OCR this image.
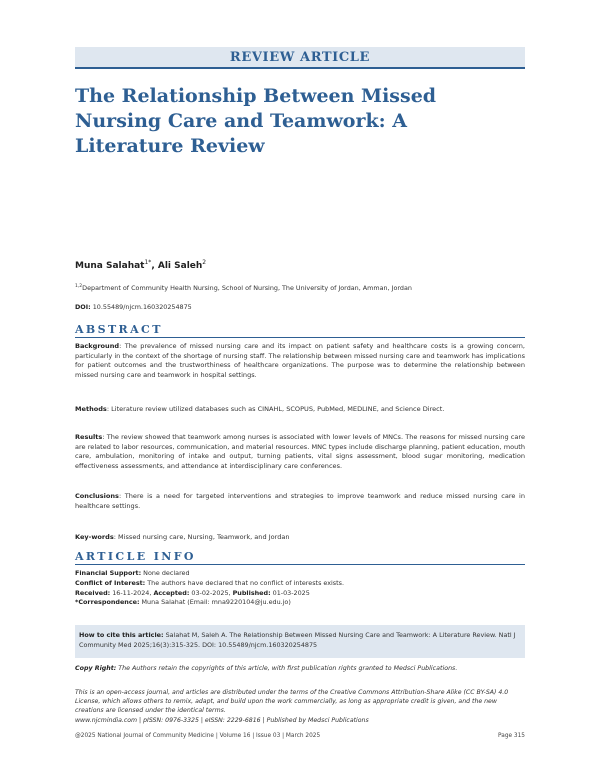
REVIEW ARTICLE
The Relationship Between Missed Nursing Care and Teamwork: A Literature Review
Muna Salahat$^{1*}$, Ali Saleh$^2$
$^{1,2}$Department of Community Health Nursing, School of Nursing, The University of Jordan, Amman, Jordan
DOI: 10.55489/njcm.160320254875
ABSTRACT

Background: The prevalence of missed nursing care and its impact on patient safety and healthcare costs is a growing concern, particularly in the context of the shortage of nursing staff. The relationship between missed nursing care and teamwork has implications for patient outcomes and the trustworthiness of healthcare organizations. The purpose was to determine the relationship between missed nursing care and teamwork in hospital settings.

Methods: Literature review utilized databases such as CINAHL, SCOPUS, PubMed, MEDLINE, and Science Direct.

Results: The review showed that teamwork among nurses is associated with lower levels of MNCs. The reasons for missed nursing care are related to labor resources, communication, and material resources. MNC types include discharge planning, patient education, mouth care, ambulation, monitoring of intake and output, turning patients, vital signs assessment, blood sugar monitoring, medication effectiveness assessments, and attendance at interdisciplinary care conferences.

Conclusions: There is a need for targeted interventions and strategies to improve teamwork and reduce missed nursing care in healthcare settings.

Key-words: Missed nursing care, Nursing, Teamwork, and Jordan

ARTICLE INFO
Financial Support: None declared
Conflict of Interest: The authors have declared that no conflict of interests exists.
Received: 16-11-2024, Accepted: 03-02-2025, Published: 01-03-2025
*Correspondence: Muna Salahat (Email: mna9220104@ju.edu.jo)
How to cite this article: Salahat M, Saleh A. The Relationship Between Missed Nursing Care and Teamwork: A Literature Review. Natl J Community Med 2025;16(3):315-325. DOI: 10.55489/njcm.160320254875

Copy Right: The Authors retain the copyrights of this article, with first publication rights granted to Medsci Publications.

This is an open-access journal, and articles are distributed under the terms of the Creative Commons Attribution-Share Alike (CC BY-SA) 4.0 License, which allows others to remix, adapt, and build upon the work commercially, as long as appropriate credit is given, and the new creations are licensed under the identical terms.
www.njcmindia.com | pISSN: 0976-3325 | eISSN: 2229-6816 | Published by Medsci Publications
@2025 National Journal of Community Medicine | Volume 16 | Issue 03 | March 2025	Page 315
